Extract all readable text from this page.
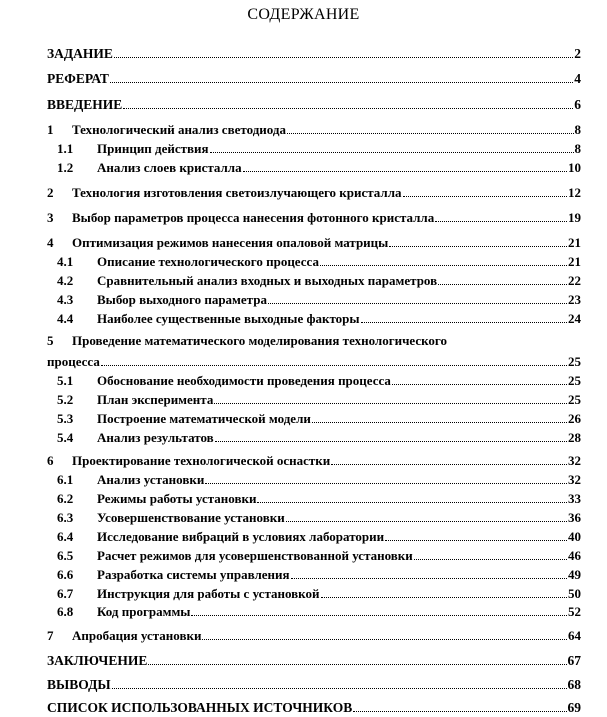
СОДЕРЖАНИЕ
ЗАДАНИЕ	2
РЕФЕРАТ	4
ВВЕДЕНИЕ	6
1	Технологический анализ светодиода	8
1.1	Принцип действия	8
1.2	Анализ слоев кристалла	10
2	Технология изготовления светоизлучающего кристалла	12
3	Выбор параметров процесса нанесения фотонного кристалла	19
4	Оптимизация режимов нанесения опаловой матрицы	21
4.1	Описание технологического процесса	21
4.2	Сравнительный анализ входных и выходных параметров	22
4.3	Выбор выходного параметра	23
4.4	Наиболее существенные выходные факторы	24
5 Проведение математического моделирования технологического
процесса	25
5.1	Обоснование необходимости проведения процесса	25
5.2	План эксперимента	25
5.3	Построение математической модели	26
5.4	Анализ результатов	28
6	Проектирование технологической оснастки	32
6.1	Анализ установки	32
6.2	Режимы работы установки	33
6.3	Усовершенствование установки	36
6.4	Исследование вибраций в условиях лаборатории	40
6.5	Расчет режимов для усовершенствованной установки	46
6.6	Разработка системы управления	49
6.7	Инструкция для работы с установкой	50
6.8	Код программы	52
7	Апробация установки	64
ЗАКЛЮЧЕНИЕ	67
ВЫВОДЫ	68
СПИСОК ИСПОЛЬЗОВАННЫХ ИСТОЧНИКОВ	69
